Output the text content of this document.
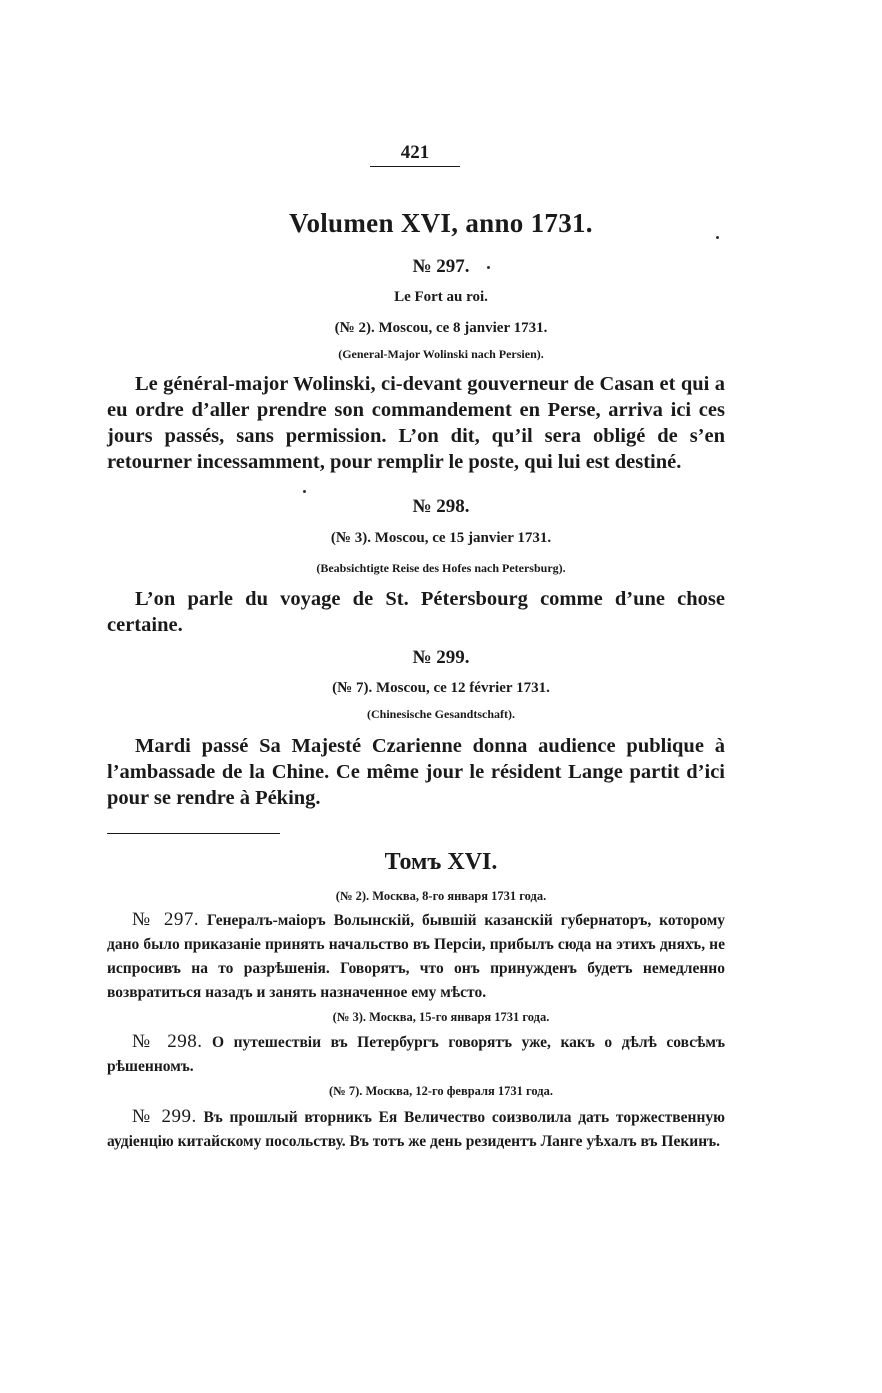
421
Volumen XVI, anno 1731.
№ 297.
Le Fort au roi.
(№ 2). Moscou, ce 8 janvier 1731.
(General-Major Wolinski nach Persien).
Le général-major Wolinski, ci-devant gouverneur de Casan et qui a eu ordre d’aller prendre son commandement en Perse, arriva ici ces jours passés, sans permission. L’on dit, qu’il sera obligé de s’en retourner incessamment, pour remplir le poste, qui lui est destiné.
№ 298.
(№ 3). Moscou, ce 15 janvier 1731.
(Beabsichtigte Reise des Hofes nach Petersburg).
L’on parle du voyage de St. Pétersbourg comme d’une chose certaine.
№ 299.
(№ 7). Moscou, ce 12 février 1731.
(Chinesische Gesandtschaft).
Mardi passé Sa Majesté Czarienne donna audience publique à l’ambassade de la Chine. Ce même jour le résident Lange partit d’ici pour se rendre à Péking.
Томъ XVI.
(№ 2). Москва, 8-го января 1731 года.
№ 297. Генералъ-маіоръ Волынскій, бывшій казанскій губернаторъ, которому дано было приказаніе принять начальство въ Персіи, прибылъ сюда на этихъ дняхъ, не испросивъ на то разрѣшенія. Говорятъ, что онъ принужденъ будетъ немедленно возвратиться назадъ и занять назначенное ему мѣсто.
(№ 3). Москва, 15-го января 1731 года.
№ 298. О путешествіи въ Петербургъ говорятъ уже, какъ о дѣлѣ совсѣмъ рѣшенномъ.
(№ 7). Москва, 12-го февраля 1731 года.
№ 299. Въ прошлый вторникъ Ея Величество соизволила дать торжественную аудіенцію китайскому посольству. Въ тотъ же день резидентъ Ланге уѣхалъ въ Пекинъ.
